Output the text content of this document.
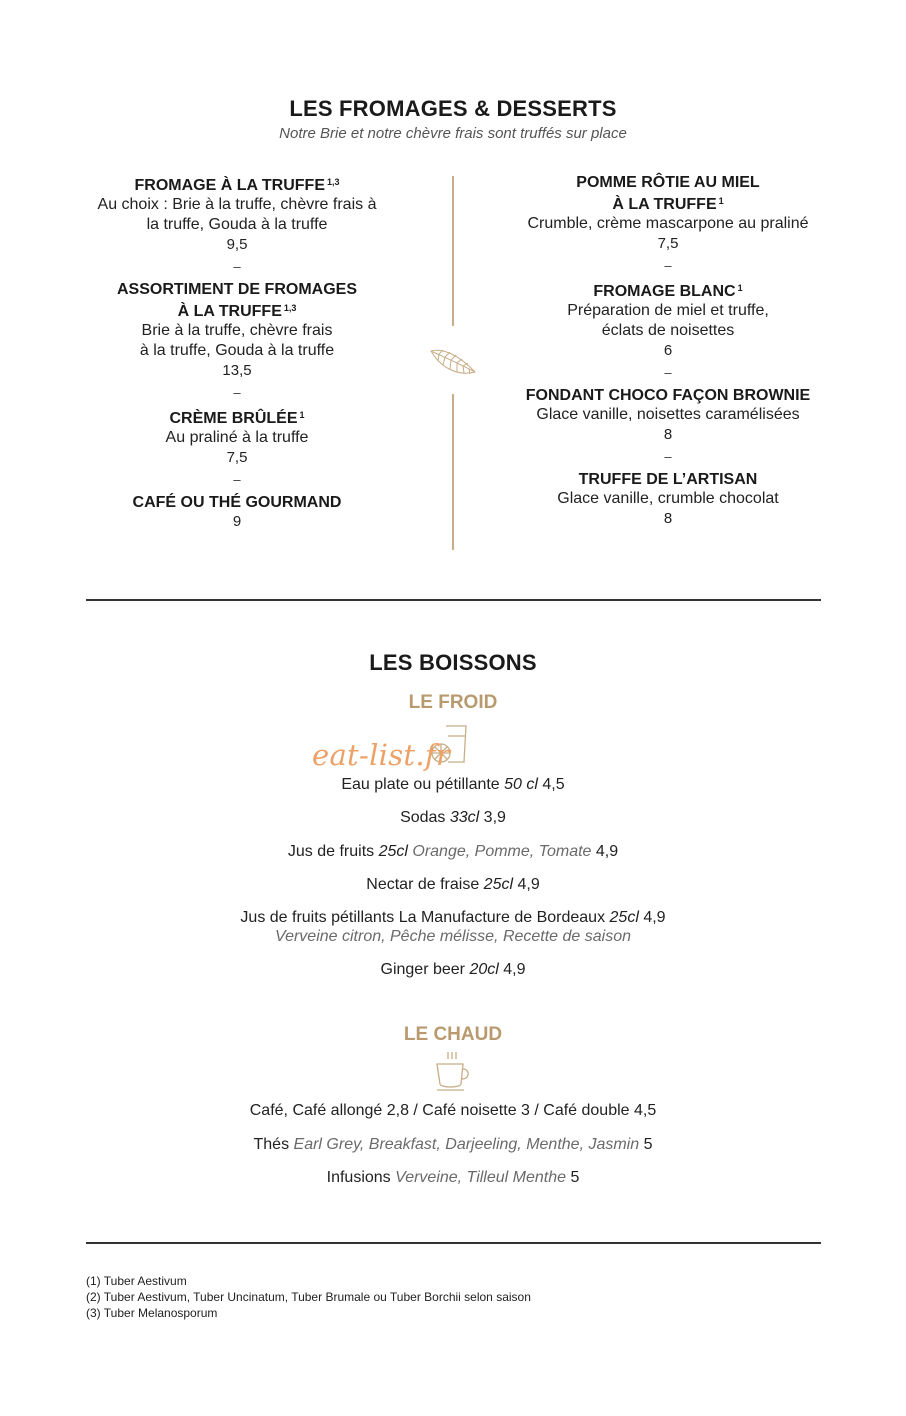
LES FROMAGES & DESSERTS
Notre Brie et notre chèvre frais sont truffés sur place
FROMAGE À LA TRUFFE $^{1,3}$
Au choix : Brie à la truffe, chèvre frais à
la truffe, Gouda à la truffe
9,5
–
ASSORTIMENT DE FROMAGES
À LA TRUFFE $^{1,3}$
Brie à la truffe, chèvre frais
à la truffe, Gouda à la truffe
13,5
–
CRÈME BRÛLÉE $^1$
Au praliné à la truffe
7,5
–
CAFÉ OU THÉ GOURMAND
9
POMME RÔTIE AU MIEL
À LA TRUFFE $^1$
Crumble, crème mascarpone au praliné
7,5
–
FROMAGE BLANC $^1$
Préparation de miel et truffe,
éclats de noisettes
6
–
FONDANT CHOCO FAÇON BROWNIE
Glace vanille, noisettes caramélisées
8
–
TRUFFE DE L’ARTISAN
Glace vanille, crumble chocolat
8
LES BOISSONS
LE FROID
eat-list.fr
Eau plate ou pétillante 50 cl 4,5
Sodas 33cl 3,9
Jus de fruits 25cl Orange, Pomme, Tomate 4,9
Nectar de fraise 25cl 4,9
Jus de fruits pétillants La Manufacture de Bordeaux 25cl 4,9
Ginger beer 20cl 4,9
Verveine citron, Pêche mélisse, Recette de saison
LE CHAUD
Café, Café allongé 2,8 / Café noisette 3 / Café double 4,5
Thés Earl Grey, Breakfast, Darjeeling, Menthe, Jasmin 5
Infusions Verveine, Tilleul Menthe 5
(1) Tuber Aestivum
(2) Tuber Aestivum, Tuber Uncinatum, Tuber Brumale ou Tuber Borchii selon saison
(3) Tuber Melanosporum
